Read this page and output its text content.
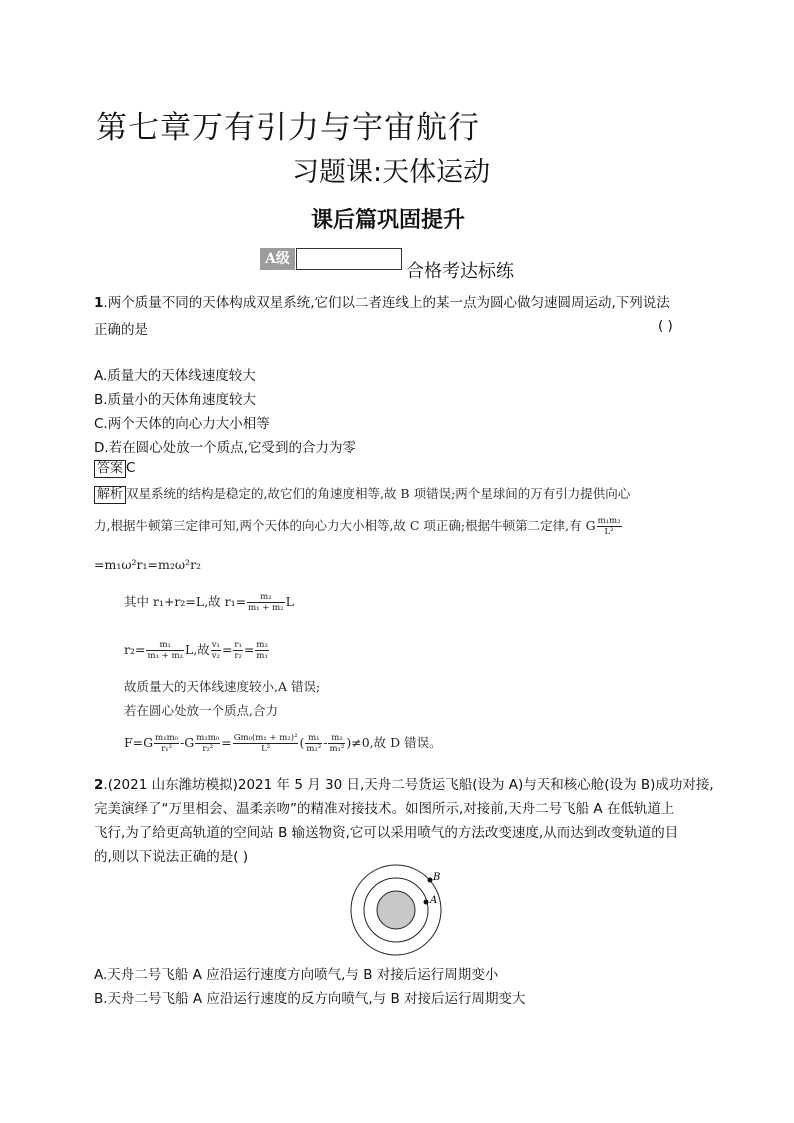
第七章万有引力与宇宙航行
习题课:天体运动
课后篇巩固提升
A级
合格考达标练
1.两个质量不同的天体构成双星系统,它们以二者连线上的某一点为圆心做匀速圆周运动,下列说法
正确的是	( )
A.质量大的天体线速度较大
B.质量小的天体角速度较大
C.两个天体的向心力大小相等
D.若在圆心处放一个质点,它受到的合力为零
答案 C
解析 双星系统的结构是稳定的,故它们的角速度相等,故 B 项错误;两个星球间的万有引力提供向心
力,根据牛顿第三定律可知,两个天体的向心力大小相等,故 C 项正确;根据牛顿第二定律,有 G $\frac{\text{m₁m₂}}{\text{L²}}$
=m₁ω²r₁=m₂ω²r₂
其中 r₁+r₂=L,故 $r_1= \frac{\text{m₂}}{\text{m₁ + m₂}}$ L
$r_2= \frac{\text{m₁}}{\text{m₁ + m₂}} L$,故 $\frac{\text{v₁}}{\text{v₂}} = \frac{\text{r₁}}{\text{r₂}} = \frac{\text{m₂}}{\text{m₁}}$
故质量大的天体线速度较小,A 错误;
若在圆心处放一个质点,合力
$F=G \frac{\text{m₁m₀}}{\text{r₁²}} -G \frac{\text{m₂m₀}}{\text{r₂²}} = \frac{\text{Gm₀(m₁ + m₂)²}}{\text{L²}}$ ( $\frac{\text{m₁}}{\text{m₂²}} - \frac{\text{m₂}}{\text{m₁²}} )\ne 0$,故 D 错误。
2.(2021 山东潍坊模拟)2021 年 5 月 30 日,天舟二号货运飞船(设为 A)与天和核心舱(设为 B)成功对接,
完美演绎了“万里相会、温柔亲吻”的精准对接技术。如图所示,对接前,天舟二号飞船 A 在低轨道上
飞行,为了给更高轨道的空间站 B 输送物资,它可以采用喷气的方法改变速度,从而达到改变轨道的目
的,则以下说法正确的是( )
A
B
A.天舟二号飞船 A 应沿运行速度方向喷气,与 B 对接后运行周期变小
B.天舟二号飞船 A 应沿运行速度的反方向喷气,与 B 对接后运行周期变大
